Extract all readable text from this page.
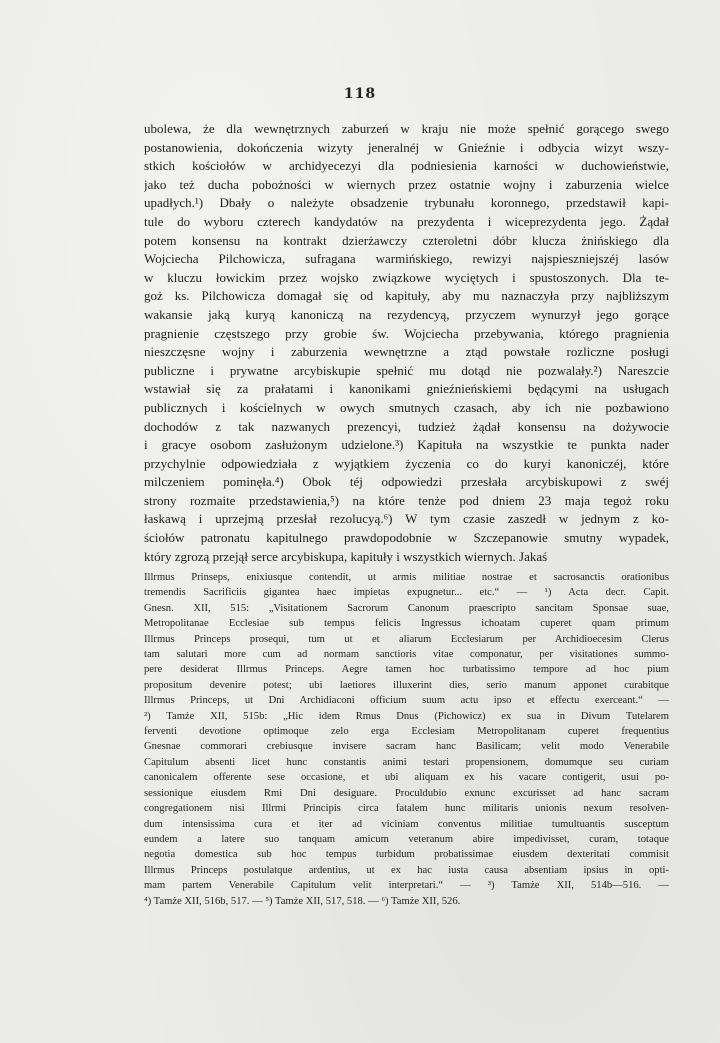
118
ubolewa, że dla wewnętrznych zaburzeń w kraju nie może spełnić gorącego swego
postanowienia, dokończenia wizyty jeneralnéj w Gnieźnie i odbycia wizyt wszy-
stkich kościołów w archidyecezyi dla podniesienia karności w duchowieństwie,
jako też ducha pobożności w wiernych przez ostatnie wojny i zaburzenia wielce
upadłych.¹) Dbały o należyte obsadzenie trybunału koronnego, przedstawił kapi-
tule do wyboru czterech kandydatów na prezydenta i wiceprezydenta jego. Żądał
potem konsensu na kontrakt dzierżawczy czteroletni dóbr klucza żnińskiego dla
Wojciecha Pilchowicza, sufragana warmińskiego, rewizyi najspieszniejszéj lasów
w kluczu łowickim przez wojsko związkowe wyciętych i spustoszonych. Dla te-
goż ks. Pilchowicza domagał się od kapituły, aby mu naznaczyła przy najbliższym
wakansie jaką kuryą kanoniczą na rezydencyą, przyczem wynurzył jego gorące
pragnienie częstszego przy grobie św. Wojciecha przebywania, którego pragnienia
nieszczęsne wojny i zaburzenia wewnętrzne a ztąd powstałe rozliczne posługi
publiczne i prywatne arcybiskupie spełnić mu dotąd nie pozwalały.²) Nareszcie
wstawiał się za prałatami i kanonikami gnieźnieńskiemi będącymi na usługach
publicznych i kościelnych w owych smutnych czasach, aby ich nie pozbawiono
dochodów z tak nazwanych prezencyi, tudzież żądał konsensu na dożywocie
i gracye osobom zasłużonym udzielone.³) Kapituła na wszystkie te punkta nader
przychylnie odpowiedziała z wyjątkiem życzenia co do kuryi kanoniczéj, które
milczeniem pominęła.⁴) Obok téj odpowiedzi przesłała arcybiskupowi z swéj
strony rozmaite przedstawienia,⁵) na które tenże pod dniem 23 maja tegoż roku
łaskawą i uprzejmą przesłał rezolucyą.⁶) W tym czasie zaszedł w jednym z ko-
ściołów patronatu kapitulnego prawdopodobnie w Szczepanowie smutny wypadek,
który zgrozą przejął serce arcybiskupa, kapituły i wszystkich wiernych. Jakaś
Illrmus Prinseps, enixiusque contendit, ut armis militiae nostrae et sacrosanctis orationibus
tremendis Sacrificiis gigantea haec impietas expugnetur... etc.“ — ¹) Acta decr. Capit.
Gnesn. XII, 515: „Visitationem Sacrorum Canonum praescripto sancitam Sponsae suae,
Metropolitanae Ecclesiae sub tempus felicis Ingressus ichoatam cuperet quam primum
Illrmus Princeps prosequi, tum ut et aliarum Ecclesiarum per Archidioecesim Clerus
tam salutari more cum ad normam sanctioris vitae componatur, per visitationes summo-
pere desiderat Illrmus Princeps. Aegre tamen hoc turbatissimo tempore ad hoc pium
propositum devenire potest; ubi laetiores illuxerint dies, serio manum apponet curabitque
Illrmus Princeps, ut Dni Archidiaconi officium suum actu ipso et effectu exerceant.“ —
²) Tamże XII, 515b: „Hic idem Rmus Dnus (Pichowicz) ex sua in Divum Tutelarem
ferventi devotione optimoque zelo erga Ecclesiam Metropolitanam cuperet frequentius
Gnesnae commorari crebiusque invisere sacram hanc Basilicam; velit modo Venerabile
Capitulum absenti licet hunc constantis animi testari propensionem, domumque seu curiam
canonicalem offerente sese occasione, et ubi aliquam ex his vacare contigerit, usui po-
sessionique eiusdem Rmi Dni desiguare. Proculdubio exnunc excurisset ad hanc sacram
congregationem nisi Illrmi Principis circa fatalem hunc militaris unionis nexum resolven-
dum intensissima cura et iter ad viciniam conventus militiae tumultuantis susceptum
eundem a latere suo tanquam amicum veteranum abire impedivisset, curam, totaque
negotia domestica sub hoc tempus turbidum probatissimae eiusdem dexteritati commisit
Illrmus Princeps postulatque ardentius, ut ex hac iusta causa absentiam ipsius in opti-
mam partem Venerabile Capitulum velit interpretari.“ — ³) Tamże XII, 514b—516. —
⁴) Tamże XII, 516b, 517. — ⁵) Tamże XII, 517, 518. — ⁶) Tamże XII, 526.
